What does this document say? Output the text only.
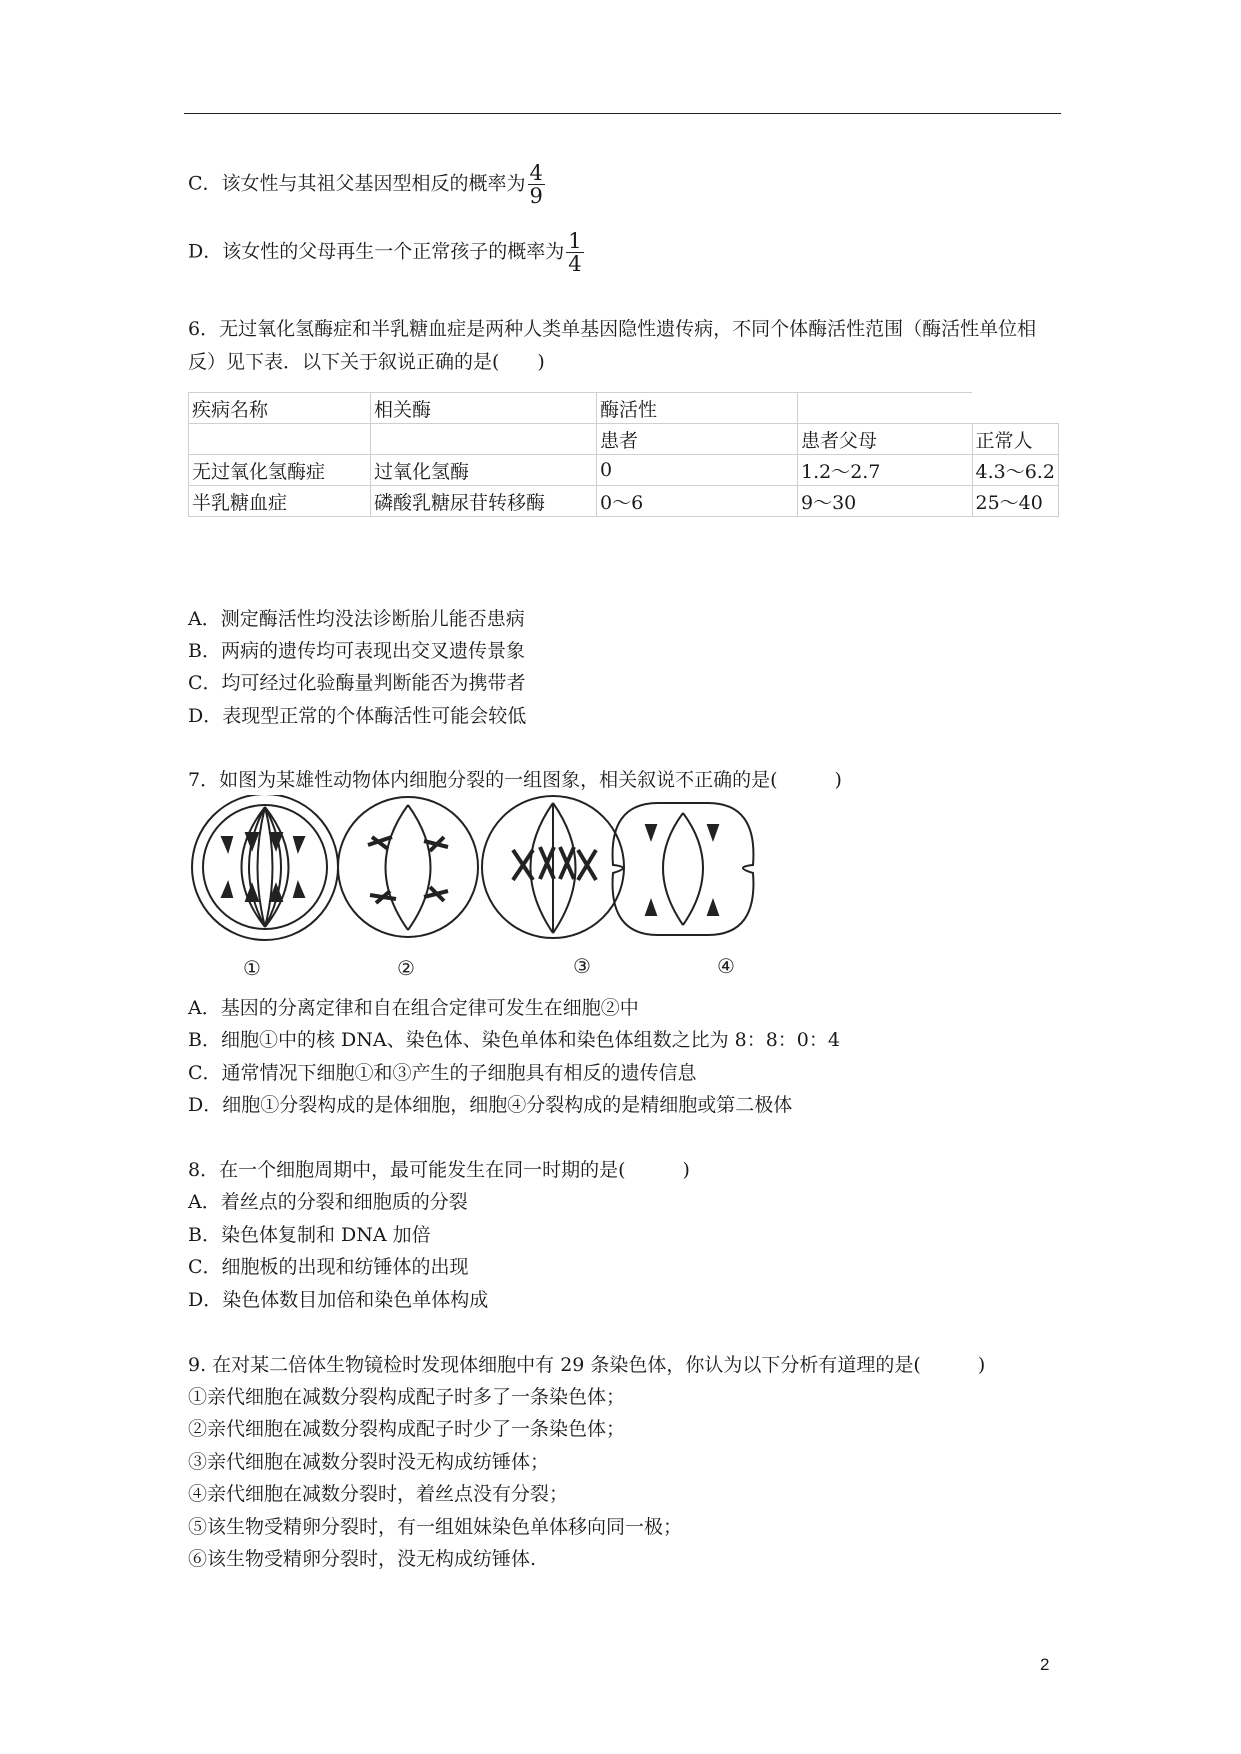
C．该女性与其祖父基因型相反的概率为 $\frac{4}{9}$
D．该女性的父母再生一个正常孩子的概率为 $\frac{1}{4}$
6．无过氧化氢酶症和半乳糖血症是两种人类单基因隐性遗传病，不同个体酶活性范围（酶活性单位相反）见下表．以下关于叙说正确的是(　　)
疾病名称	相关酶	酶活性		
		患者	患者父母	正常人
无过氧化氢酶症	过氧化氢酶	0	1.2～2.7	4.3～6.2
半乳糖血症	磷酸乳糖尿苷转移酶	0～6	9～30	25～40
A．测定酶活性均没法诊断胎儿能否患病
B．两病的遗传均可表现出交叉遗传景象
C．均可经过化验酶量判断能否为携带者
D．表现型正常的个体酶活性可能会较低
7．如图为某雄性动物体内细胞分裂的一组图象，相关叙说不正确的是(　　　)
①	②	③	④
A．基因的分离定律和自在组合定律可发生在细胞②中
B．细胞①中的核 DNA、染色体、染色单体和染色体组数之比为 8：8：0：4
C．通常情况下细胞①和③产生的子细胞具有相反的遗传信息
D．细胞①分裂构成的是体细胞，细胞④分裂构成的是精细胞或第二极体
8．在一个细胞周期中，最可能发生在同一时期的是(　　　)
A．着丝点的分裂和细胞质的分裂
B．染色体复制和 DNA 加倍
C．细胞板的出现和纺锤体的出现
D．染色体数目加倍和染色单体构成
9. 在对某二倍体生物镜检时发现体细胞中有 29 条染色体，你认为以下分析有道理的是(　　　)
①亲代细胞在减数分裂构成配子时多了一条染色体；
②亲代细胞在减数分裂构成配子时少了一条染色体；
③亲代细胞在减数分裂时没无构成纺锤体；
④亲代细胞在减数分裂时，着丝点没有分裂；
⑤该生物受精卵分裂时，有一组姐妹染色单体移向同一极；
⑥该生物受精卵分裂时，没无构成纺锤体.
2
